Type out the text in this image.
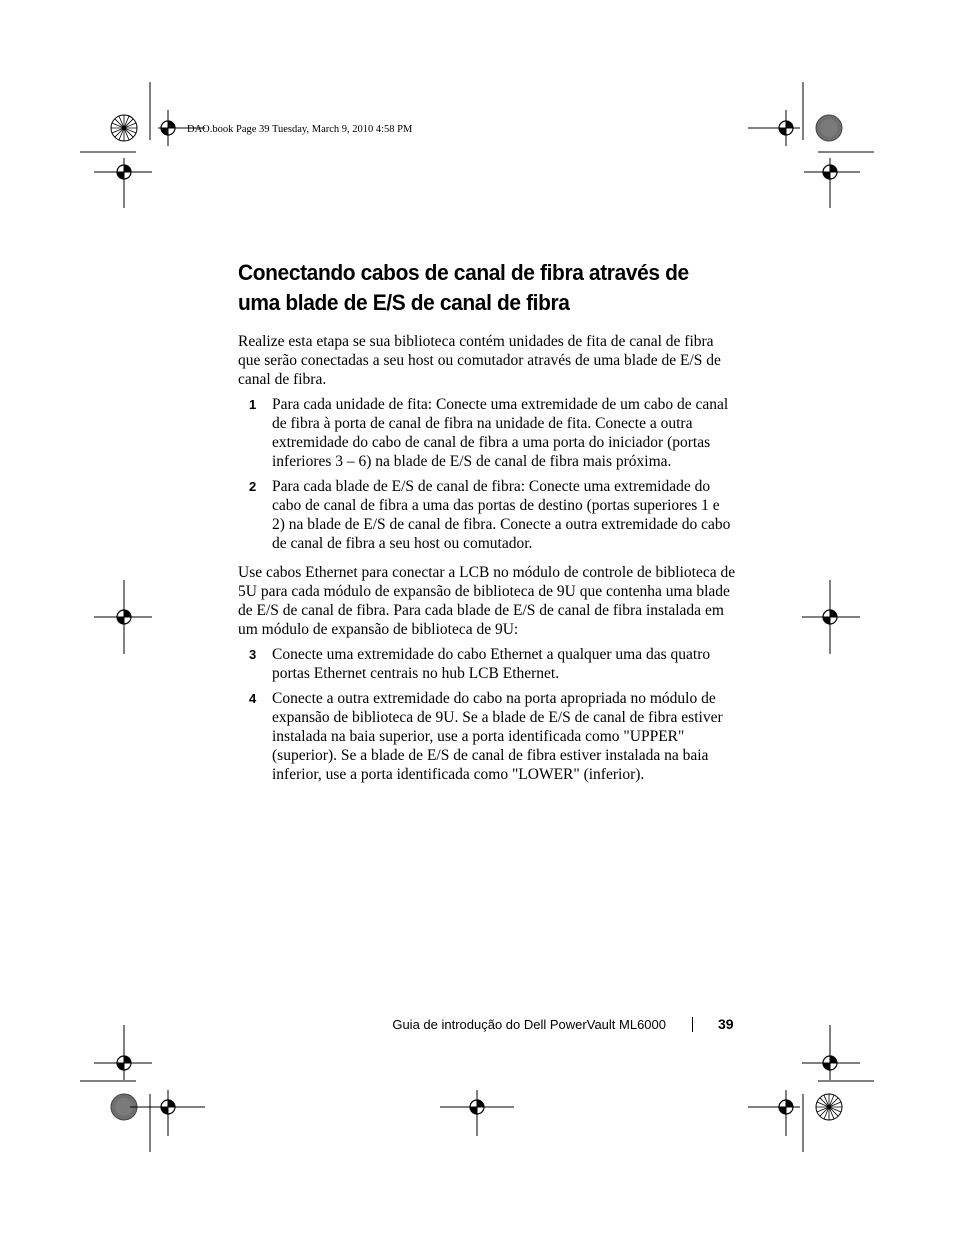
DAO.book Page 39 Tuesday, March 9, 2010 4:58 PM
Conectando cabos de canal de fibra através de
uma blade de E/S de canal de fibra

Realize esta etapa se sua biblioteca contém unidades de fita de canal de fibra que serão conectadas a seu host ou comutador através de uma blade de E/S de canal de fibra.

1 Para cada unidade de fita: Conecte uma extremidade de um cabo de canal de fibra à porta de canal de fibra na unidade de fita. Conecte a outra extremidade do cabo de canal de fibra a uma porta do iniciador (portas inferiores 3 – 6) na blade de E/S de canal de fibra mais próxima.
2 Para cada blade de E/S de canal de fibra: Conecte uma extremidade do cabo de canal de fibra a uma das portas de destino (portas superiores 1 e 2) na blade de E/S de canal de fibra. Conecte a outra extremidade do cabo de canal de fibra a seu host ou comutador.

Use cabos Ethernet para conectar a LCB no módulo de controle de biblioteca de 5U para cada módulo de expansão de biblioteca de 9U que contenha uma blade de E/S de canal de fibra. Para cada blade de E/S de canal de fibra instalada em um módulo de expansão de biblioteca de 9U:

3 Conecte uma extremidade do cabo Ethernet a qualquer uma das quatro portas Ethernet centrais no hub LCB Ethernet.
4 Conecte a outra extremidade do cabo na porta apropriada no módulo de expansão de biblioteca de 9U. Se a blade de E/S de canal de fibra estiver instalada na baia superior, use a porta identificada como "UPPER" (superior). Se a blade de E/S de canal de fibra estiver instalada na baia inferior, use a porta identificada como "LOWER" (inferior).
Guia de introdução do Dell PowerVault ML6000	39
